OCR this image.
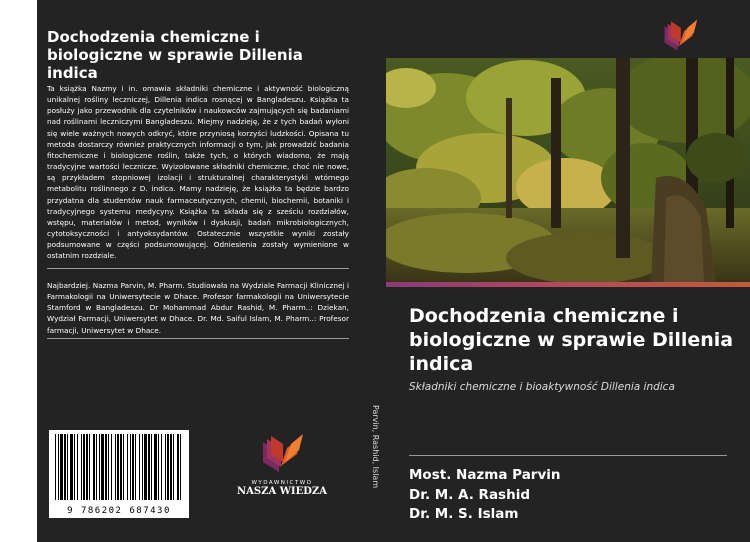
Dochodzenia chemiczne i biologiczne w sprawie Dillenia indica
Ta książka Nazmy i in. omawia składniki chemiczne i aktywność biologiczną unikalnej rośliny leczniczej, Dillenia indica rosnącej w Bangladeszu. Książka ta posłuży jako przewodnik dla czytelników i naukowców zajmujących się badaniami nad roślinami leczniczymi Bangladeszu. Miejmy nadzieję, że z tych badań wyłoni się wiele ważnych nowych odkryć, które przyniosą korzyści ludzkości. Opisana tu metoda dostarczy również praktycznych informacji o tym, jak prowadzić badania fitochemiczne i biologiczne roślin, także tych, o których wiadomo, że mają tradycyjne wartości lecznicze. Wyizolowane składniki chemiczne, choć nie nowe, są przykładem stopniowej izolacji i strukturalnej charakterystyki wtórnego metabolitu roślinnego z D. indica. Mamy nadzieję, że książka ta będzie bardzo przydatna dla studentów nauk farmaceutycznych, chemii, biochemii, botaniki i tradycyjnego systemu medycyny. Książka ta składa się z sześciu rozdziałów, wstępu, materiałów i metod, wyników i dyskusji, badań mikrobiologicznych, cytotoksyczności i antyoksydantów. Ostatecznie wszystkie wyniki zostały podsumowane w części podsumowującej. Odniesienia zostały wymienione w ostatnim rozdziale.
Najbardziej. Nazma Parvin, M. Pharm. Studiowała na Wydziale Farmacji Klinicznej i Farmakologii na Uniwersytecie w Dhace. Profesor farmakologii na Uniwersytecie Stamford w Bangladeszu. Dr Mohammad Abdur Rashid, M. Pharm..: Dziekan, Wydział Farmacji, Uniwersytet w Dhace. Dr. Md. Saiful Islam, M. Pharm..: Profesor farmacji, Uniwersytet w Dhace.
9 786202 687430
WYDAWNICTWO
NASZA WIEDZA
Parvin, Rashid, Islam
Dochodzenia chemiczne i biologiczne w sprawie Dillenia indica
Składniki chemiczne i bioaktywność Dillenia indica
Most. Nazma Parvin
Dr. M. A. Rashid
Dr. M. S. Islam
